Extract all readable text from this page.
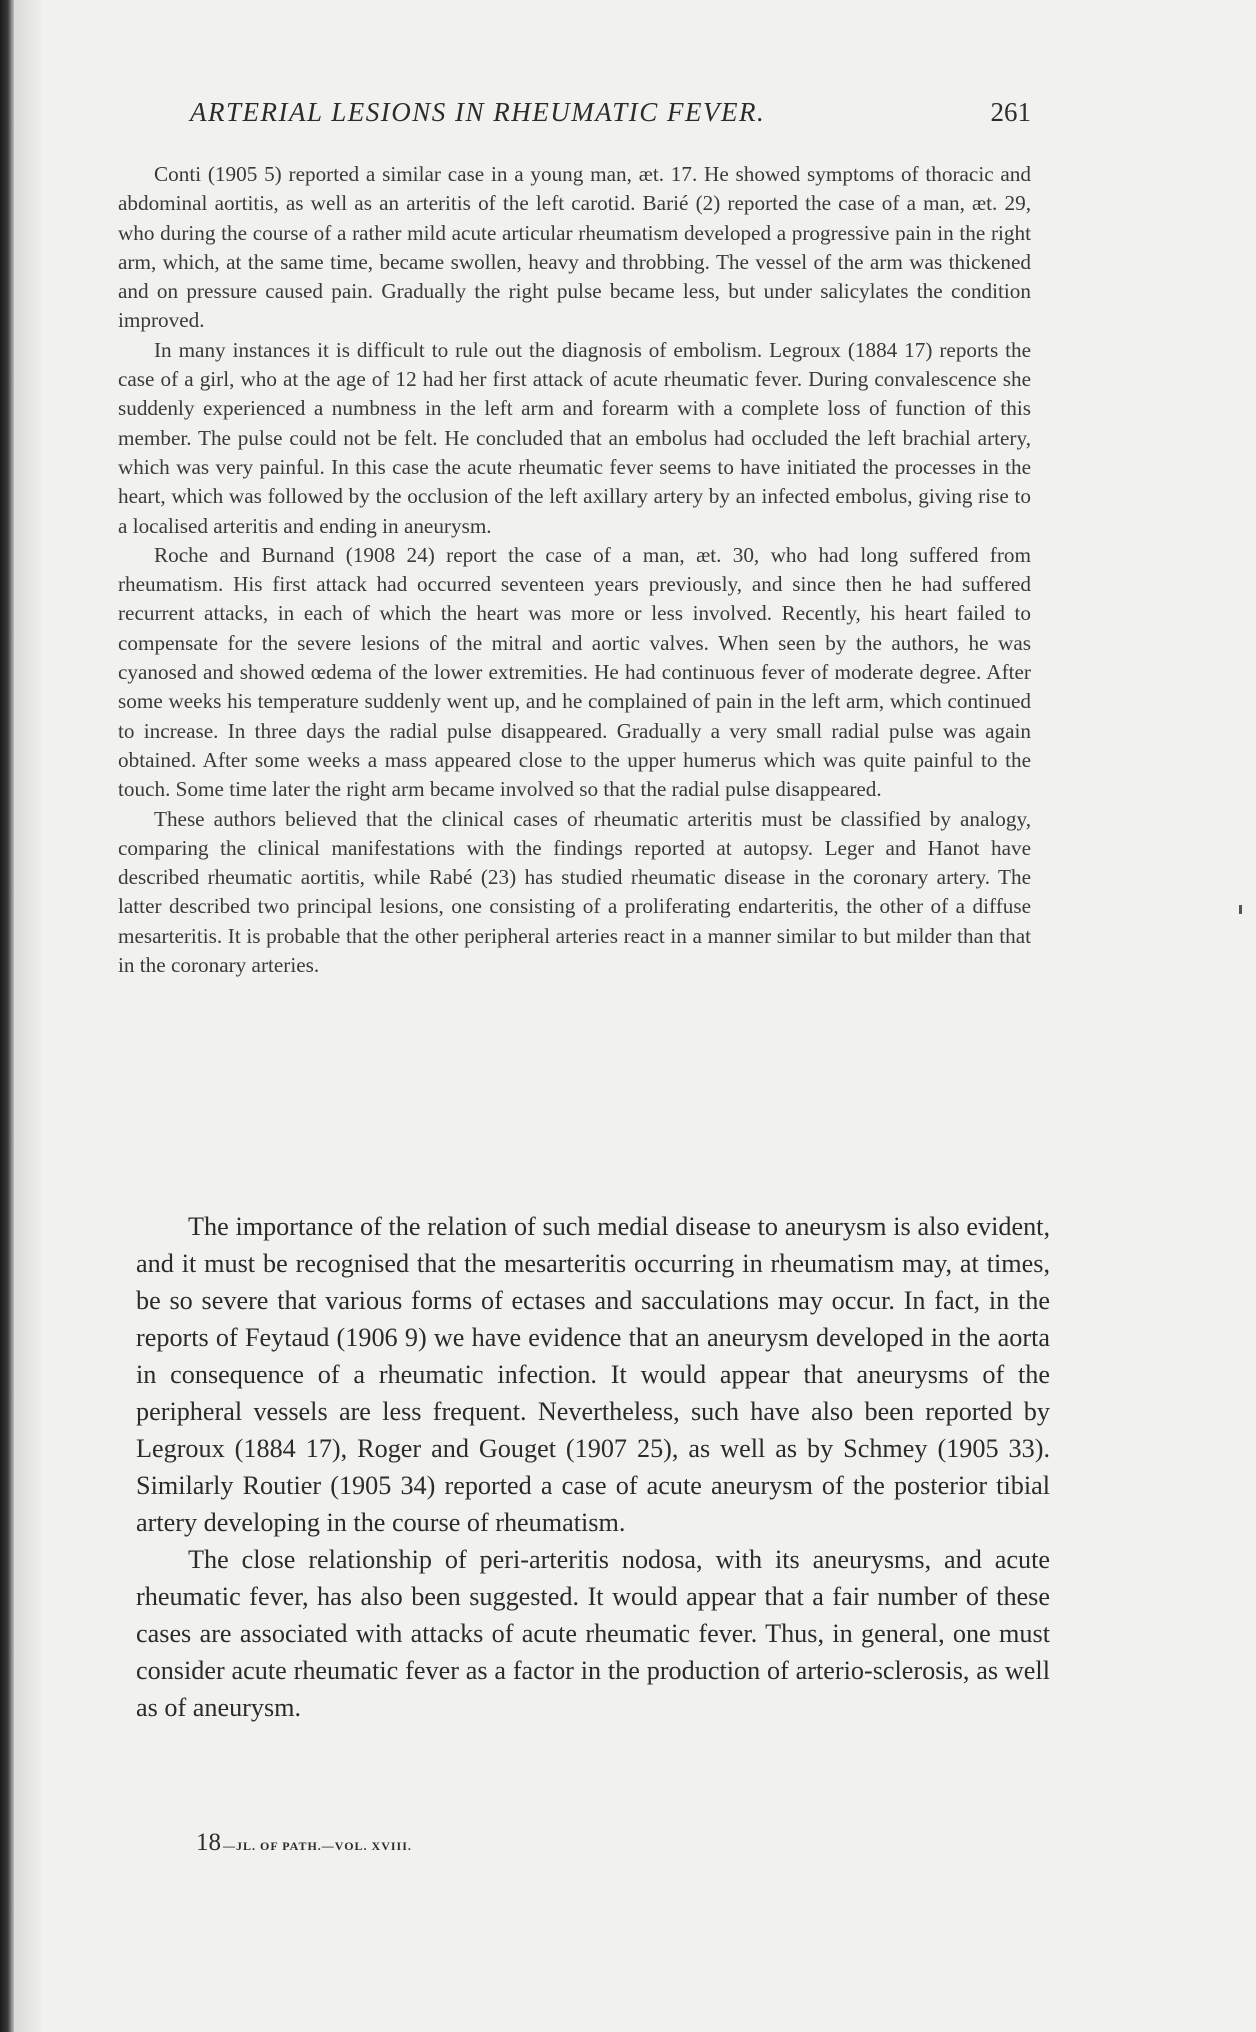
ARTERIAL LESIONS IN RHEUMATIC FEVER.	261

Conti (1905 5) reported a similar case in a young man, æt. 17. He showed symptoms of thoracic and abdominal aortitis, as well as an arteritis of the left carotid. Barié (2) reported the case of a man, æt. 29, who during the course of a rather mild acute articular rheumatism developed a progressive pain in the right arm, which, at the same time, became swollen, heavy and throbbing. The vessel of the arm was thickened and on pressure caused pain. Gradually the right pulse became less, but under salicylates the condition improved.

In many instances it is difficult to rule out the diagnosis of embolism. Legroux (1884 17) reports the case of a girl, who at the age of 12 had her first attack of acute rheumatic fever. During convalescence she suddenly experienced a numbness in the left arm and forearm with a complete loss of function of this member. The pulse could not be felt. He concluded that an embolus had occluded the left brachial artery, which was very painful. In this case the acute rheumatic fever seems to have initiated the processes in the heart, which was followed by the occlusion of the left axillary artery by an infected embolus, giving rise to a localised arteritis and ending in aneurysm.

Roche and Burnand (1908 24) report the case of a man, æt. 30, who had long suffered from rheumatism. His first attack had occurred seventeen years previously, and since then he had suffered recurrent attacks, in each of which the heart was more or less involved. Recently, his heart failed to compensate for the severe lesions of the mitral and aortic valves. When seen by the authors, he was cyanosed and showed œdema of the lower extremities. He had continuous fever of moderate degree. After some weeks his temperature suddenly went up, and he complained of pain in the left arm, which continued to increase. In three days the radial pulse disappeared. Gradually a very small radial pulse was again obtained. After some weeks a mass appeared close to the upper humerus which was quite painful to the touch. Some time later the right arm became involved so that the radial pulse disappeared.

These authors believed that the clinical cases of rheumatic arteritis must be classified by analogy, comparing the clinical manifestations with the findings reported at autopsy. Leger and Hanot have described rheumatic aortitis, while Rabé (23) has studied rheumatic disease in the coronary artery. The latter described two principal lesions, one consisting of a proliferating endarteritis, the other of a diffuse mesarteritis. It is probable that the other peripheral arteries react in a manner similar to but milder than that in the coronary arteries.

The importance of the relation of such medial disease to aneurysm is also evident, and it must be recognised that the mesarteritis occurring in rheumatism may, at times, be so severe that various forms of ectases and sacculations may occur. In fact, in the reports of Feytaud (1906 9) we have evidence that an aneurysm developed in the aorta in consequence of a rheumatic infection. It would appear that aneurysms of the peripheral vessels are less frequent. Nevertheless, such have also been reported by Legroux (1884 17), Roger and Gouget (1907 25), as well as by Schmey (1905 33). Similarly Routier (1905 34) reported a case of acute aneurysm of the posterior tibial artery developing in the course of rheumatism.

The close relationship of peri-arteritis nodosa, with its aneurysms, and acute rheumatic fever, has also been suggested. It would appear that a fair number of these cases are associated with attacks of acute rheumatic fever. Thus, in general, one must consider acute rheumatic fever as a factor in the production of arterio-sclerosis, as well as of aneurysm.

18 —JL. OF PATH.—VOL. XVIII.
